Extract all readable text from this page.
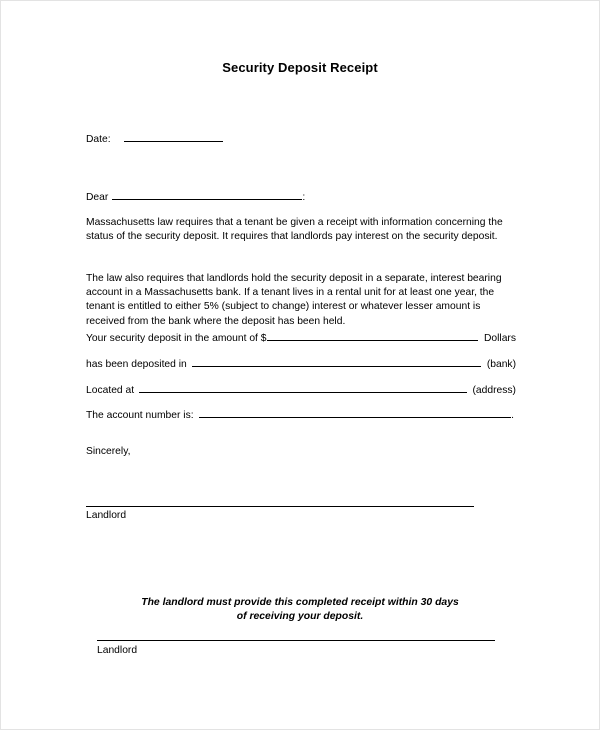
Security Deposit Receipt
Date:
Dear	:
Massachusetts law requires that a tenant be given a receipt with information concerning the status of the security deposit. It requires that landlords pay interest on the security deposit.
The law also requires that landlords hold the security deposit in a separate, interest bearing account in a Massachusetts bank. If a tenant lives in a rental unit for at least one year, the tenant is entitled to either 5% (subject to change) interest or whatever lesser amount is received from the bank where the deposit has been held.
Your security deposit in the amount of $	Dollars
has been deposited in	(bank)
Located at	(address)
The account number is:	.
Sincerely,
Landlord
The landlord must provide this completed receipt within 30 days
of receiving your deposit.
Landlord
